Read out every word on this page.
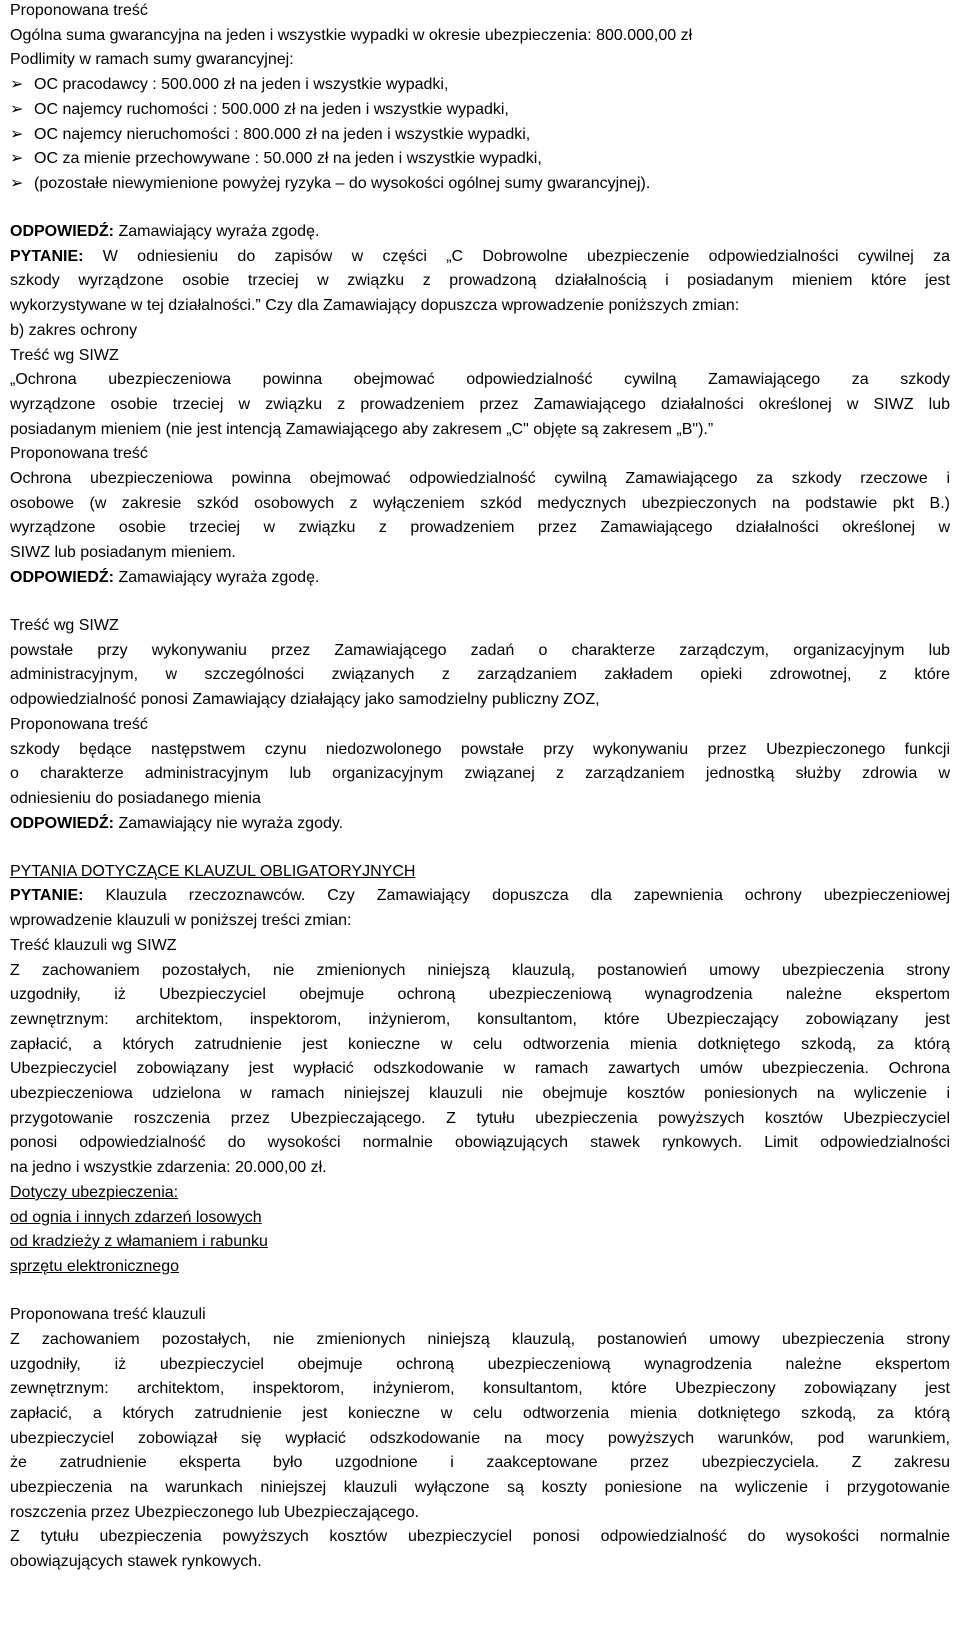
Proponowana treść
Ogólna suma gwarancyjna na jeden i wszystkie wypadki w okresie ubezpieczenia: 800.000,00 zł
Podlimity w ramach sumy gwarancyjnej:
➢ OC pracodawcy : 500.000 zł na jeden i wszystkie wypadki,
➢ OC najemcy ruchomości : 500.000 zł na jeden i wszystkie wypadki,
➢ OC najemcy nieruchomości : 800.000 zł na jeden i wszystkie wypadki,
➢ OC za mienie przechowywane : 50.000 zł na jeden i wszystkie wypadki,
➢ (pozostałe niewymienione powyżej ryzyka – do wysokości ogólnej sumy gwarancyjnej).
ODPOWIEDŹ: Zamawiający wyraża zgodę.
PYTANIE: W odniesieniu do zapisów w części „C Dobrowolne ubezpieczenie odpowiedzialności cywilnej za
szkody wyrządzone osobie trzeciej w związku z prowadzoną działalnością i posiadanym mieniem które jest
wykorzystywane w tej działalności.” Czy dla Zamawiający dopuszcza wprowadzenie poniższych zmian:
b) zakres ochrony
Treść wg SIWZ
„Ochrona ubezpieczeniowa powinna obejmować odpowiedzialność cywilną Zamawiającego za szkody
wyrządzone osobie trzeciej w związku z prowadzeniem przez Zamawiającego działalności określonej w SIWZ lub
posiadanym mieniem (nie jest intencją Zamawiającego aby zakresem „C" objęte są zakresem „B").”
Proponowana treść
Ochrona ubezpieczeniowa powinna obejmować odpowiedzialność cywilną Zamawiającego za szkody rzeczowe i
osobowe (w zakresie szkód osobowych z wyłączeniem szkód medycznych ubezpieczonych na podstawie pkt B.)
wyrządzone osobie trzeciej w związku z prowadzeniem przez Zamawiającego działalności określonej w
SIWZ lub posiadanym mieniem.
ODPOWIEDŹ: Zamawiający wyraża zgodę.
Treść wg SIWZ
powstałe przy wykonywaniu przez Zamawiającego zadań o charakterze zarządczym, organizacyjnym lub
administracyjnym, w szczególności związanych z zarządzaniem zakładem opieki zdrowotnej, z które
odpowiedzialność ponosi Zamawiający działający jako samodzielny publiczny ZOZ,
Proponowana treść
szkody będące następstwem czynu niedozwolonego powstałe przy wykonywaniu przez Ubezpieczonego funkcji
o charakterze administracyjnym lub organizacyjnym związanej z zarządzaniem jednostką służby zdrowia w
odniesieniu do posiadanego mienia
ODPOWIEDŹ: Zamawiający nie wyraża zgody.
PYTANIA DOTYCZĄCE KLAUZUL OBLIGATORYJNYCH
PYTANIE: Klauzula rzeczoznawców. Czy Zamawiający dopuszcza dla zapewnienia ochrony ubezpieczeniowej
wprowadzenie klauzuli w poniższej treści zmian:
Treść klauzuli wg SIWZ
Z zachowaniem pozostałych, nie zmienionych niniejszą klauzulą, postanowień umowy ubezpieczenia strony
uzgodniły, iż Ubezpieczyciel obejmuje ochroną ubezpieczeniową wynagrodzenia należne ekspertom
zewnętrznym: architektom, inspektorom, inżynierom, konsultantom, które Ubezpieczający zobowiązany jest
zapłacić, a których zatrudnienie jest konieczne w celu odtworzenia mienia dotkniętego szkodą, za którą
Ubezpieczyciel zobowiązany jest wypłacić odszkodowanie w ramach zawartych umów ubezpieczenia. Ochrona
ubezpieczeniowa udzielona w ramach niniejszej klauzuli nie obejmuje kosztów poniesionych na wyliczenie i
przygotowanie roszczenia przez Ubezpieczającego. Z tytułu ubezpieczenia powyższych kosztów Ubezpieczyciel
ponosi odpowiedzialność do wysokości normalnie obowiązujących stawek rynkowych. Limit odpowiedzialności
na jedno i wszystkie zdarzenia: 20.000,00 zł.
Dotyczy ubezpieczenia:
od ognia i innych zdarzeń losowych
od kradzieży z włamaniem i rabunku
sprzętu elektronicznego
Proponowana treść klauzuli
Z zachowaniem pozostałych, nie zmienionych niniejszą klauzulą, postanowień umowy ubezpieczenia strony
uzgodniły, iż ubezpieczyciel obejmuje ochroną ubezpieczeniową wynagrodzenia należne ekspertom
zewnętrznym: architektom, inspektorom, inżynierom, konsultantom, które Ubezpieczony zobowiązany jest
zapłacić, a których zatrudnienie jest konieczne w celu odtworzenia mienia dotkniętego szkodą, za którą
ubezpieczyciel zobowiązał się wypłacić odszkodowanie na mocy powyższych warunków, pod warunkiem,
że zatrudnienie eksperta było uzgodnione i zaakceptowane przez ubezpieczyciela. Z zakresu
ubezpieczenia na warunkach niniejszej klauzuli wyłączone są koszty poniesione na wyliczenie i przygotowanie
roszczenia przez Ubezpieczonego lub Ubezpieczającego.
Z tytułu ubezpieczenia powyższych kosztów ubezpieczyciel ponosi odpowiedzialność do wysokości normalnie
obowiązujących stawek rynkowych.
